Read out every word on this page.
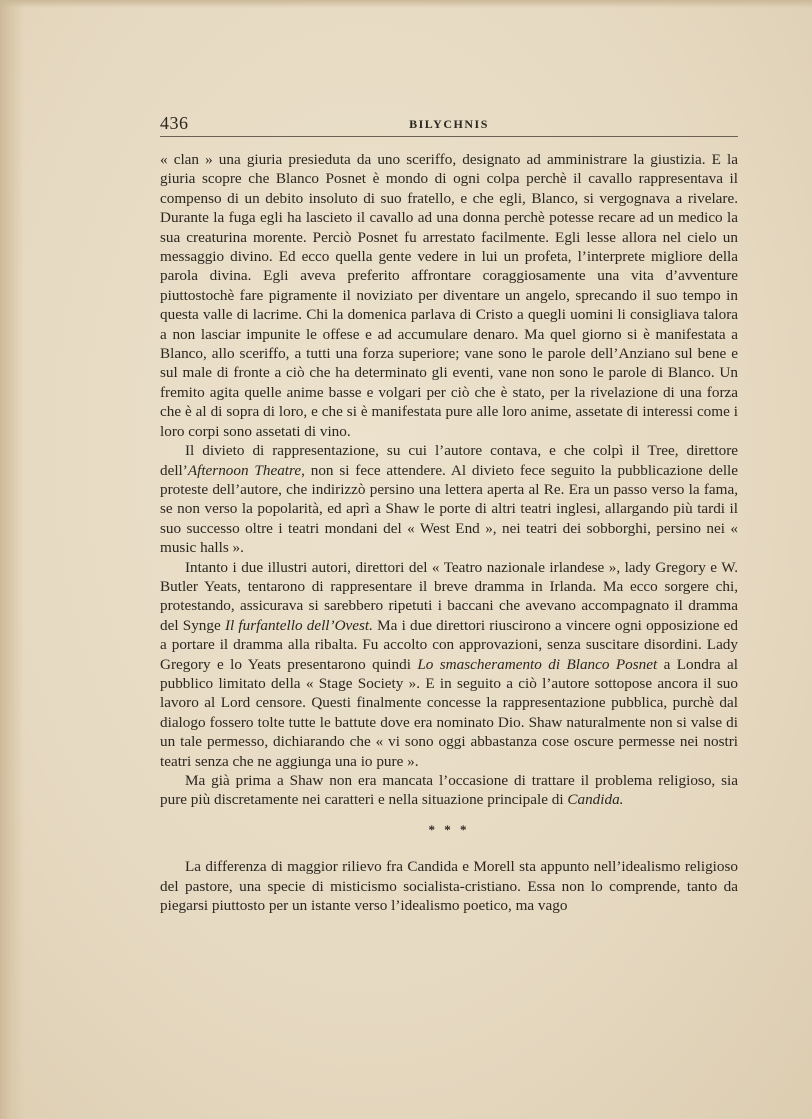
436	BILYCHNIS

« clan » una giuria presieduta da uno sceriffo, designato ad amministrare la giustizia. E la giuria scopre che Blanco Posnet è mondo di ogni colpa perchè il cavallo rappresentava il compenso di un debito insoluto di suo fratello, e che egli, Blanco, si vergognava a rivelare. Durante la fuga egli ha lascieto il cavallo ad una donna perchè potesse recare ad un medico la sua creaturina morente. Perciò Posnet fu arrestato facilmente. Egli lesse allora nel cielo un messaggio divino. Ed ecco quella gente vedere in lui un profeta, l’interprete migliore della parola divina. Egli aveva preferito affrontare coraggiosamente una vita d’avventure piuttostochè fare pigramente il noviziato per diventare un angelo, sprecando il suo tempo in questa valle di lacrime. Chi la domenica parlava di Cristo a quegli uomini li consigliava talora a non lasciar impunite le offese e ad accumulare denaro. Ma quel giorno si è manifestata a Blanco, allo sceriffo, a tutti una forza superiore; vane sono le parole dell’Anziano sul bene e sul male di fronte a ciò che ha determinato gli eventi, vane non sono le parole di Blanco. Un fremito agita quelle anime basse e volgari per ciò che è stato, per la rivelazione di una forza che è al di sopra di loro, e che si è manifestata pure alle loro anime, assetate di interessi come i loro corpi sono assetati di vino.

Il divieto di rappresentazione, su cui l’autore contava, e che colpì il Tree, direttore dell’Afternoon Theatre, non si fece attendere. Al divieto fece seguito la pubblicazione delle proteste dell’autore, che indirizzò persino una lettera aperta al Re. Era un passo verso la fama, se non verso la popolarità, ed aprì a Shaw le porte di altri teatri inglesi, allargando più tardi il suo successo oltre i teatri mondani del « West End », nei teatri dei sobborghi, persino nei « music halls ».

Intanto i due illustri autori, direttori del « Teatro nazionale irlandese », lady Gregory e W. Butler Yeats, tentarono di rappresentare il breve dramma in Irlanda. Ma ecco sorgere chi, protestando, assicurava si sarebbero ripetuti i baccani che avevano accompagnato il dramma del Synge Il furfantello dell’Ovest. Ma i due direttori riuscirono a vincere ogni opposizione ed a portare il dramma alla ribalta. Fu accolto con approvazioni, senza suscitare disordini. Lady Gregory e lo Yeats presentarono quindi Lo smascheramento di Blanco Posnet a Londra al pubblico limitato della « Stage Society ». E in seguito a ciò l’autore sottopose ancora il suo lavoro al Lord censore. Questi finalmente concesse la rappresentazione pubblica, purchè dal dialogo fossero tolte tutte le battute dove era nominato Dio. Shaw naturalmente non si valse di un tale permesso, dichiarando che « vi sono oggi abbastanza cose oscure permesse nei nostri teatri senza che ne aggiunga una io pure ».

Ma già prima a Shaw non era mancata l’occasione di trattare il problema religioso, sia pure più discretamente nei caratteri e nella situazione principale di Candida.

* * *

La differenza di maggior rilievo fra Candida e Morell sta appunto nell’idealismo religioso del pastore, una specie di misticismo socialista-cristiano. Essa non lo comprende, tanto da piegarsi piuttosto per un istante verso l’idealismo poetico, ma vago
